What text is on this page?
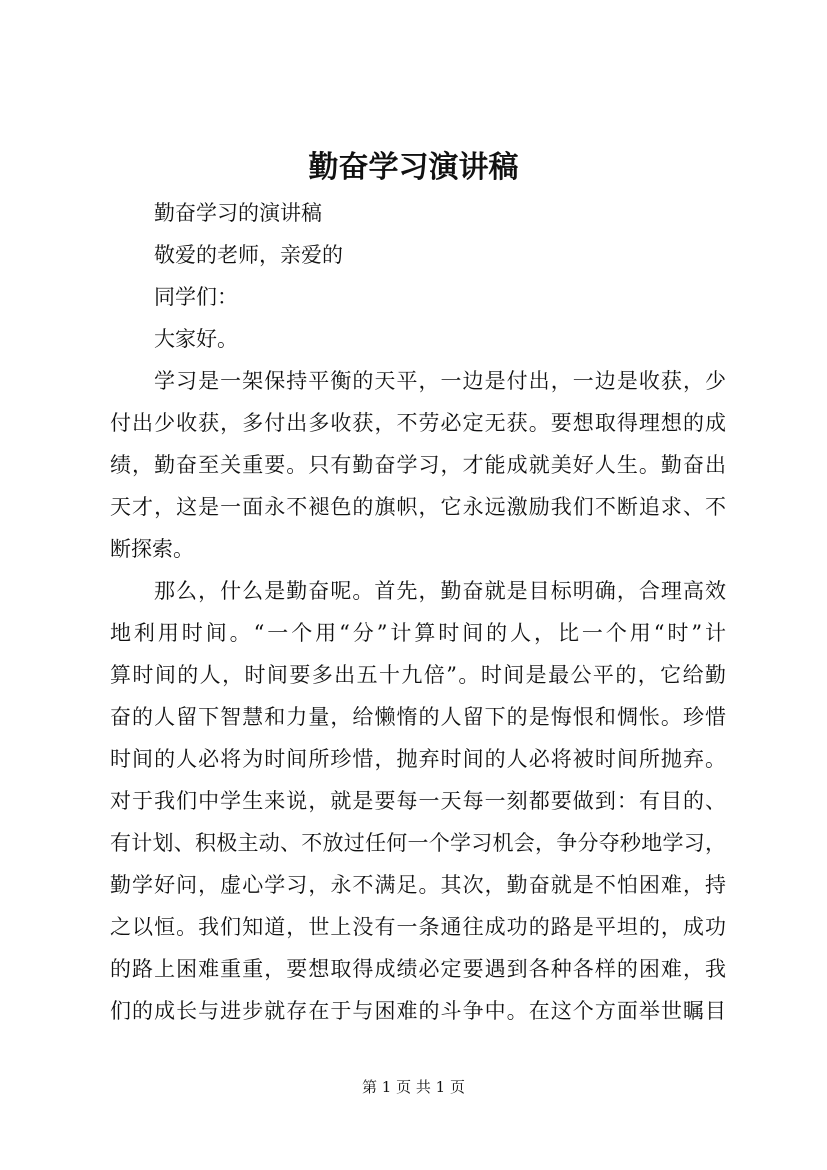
勤奋学习演讲稿

勤奋学习的演讲稿

敬爱的老师，亲爱的

同学们：

大家好。

学习是一架保持平衡的天平，一边是付出，一边是收获，少

付出少收获，多付出多收获，不劳必定无获。要想取得理想的成

绩，勤奋至关重要。只有勤奋学习，才能成就美好人生。勤奋出

天才，这是一面永不褪色的旗帜，它永远激励我们不断追求、不

断探索。

那么，什么是勤奋呢。首先，勤奋就是目标明确，合理高效

地利用时间。“一个用“分”计算时间的人，比一个用“时”计

算时间的人，时间要多出五十九倍”。时间是最公平的，它给勤

奋的人留下智慧和力量，给懒惰的人留下的是悔恨和惆怅。珍惜

时间的人必将为时间所珍惜，抛弃时间的人必将被时间所抛弃。

对于我们中学生来说，就是要每一天每一刻都要做到：有目的、

有计划、积极主动、不放过任何一个学习机会，争分夺秒地学习，

勤学好问，虚心学习，永不满足。其次，勤奋就是不怕困难，持

之以恒。我们知道，世上没有一条通往成功的路是平坦的，成功

的路上困难重重，要想取得成绩必定要遇到各种各样的困难，我

们的成长与进步就存在于与困难的斗争中。在这个方面举世瞩目

第 1 页 共 1 页
